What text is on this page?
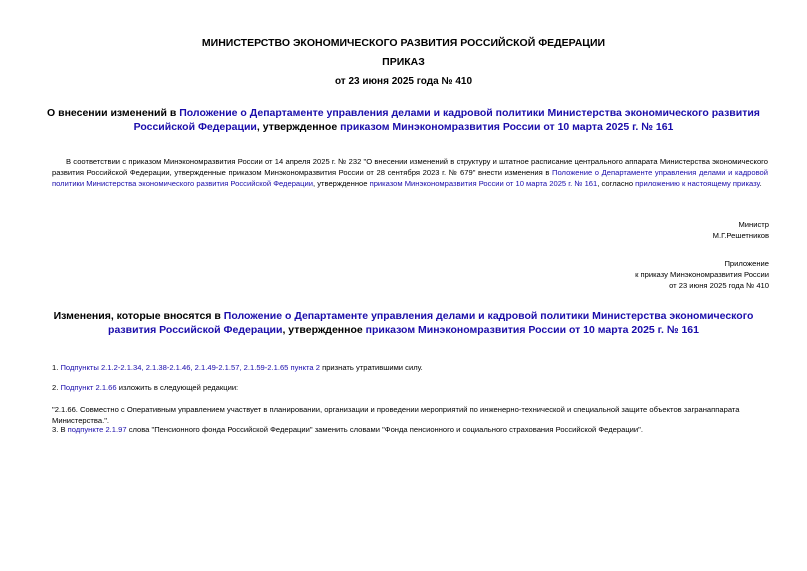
МИНИСТЕРСТВО ЭКОНОМИЧЕСКОГО РАЗВИТИЯ РОССИЙСКОЙ ФЕДЕРАЦИИ
ПРИКАЗ
от 23 июня 2025 года № 410
О внесении изменений в Положение о Департаменте управления делами и кадровой политики Министерства экономического развития Российской Федерации, утвержденное приказом Минэкономразвития России от 10 марта 2025 г. № 161
В соответствии с приказом Минэкономразвития России от 14 апреля 2025 г. № 232 "О внесении изменений в структуру и штатное расписание центрального аппарата Министерства экономического развития Российской Федерации, утвержденные приказом Минэкономразвития России от 28 сентября 2023 г. № 679" внести изменения в Положение о Департаменте управления делами и кадровой политики Министерства экономического развития Российской Федерации, утвержденное приказом Минэкономразвития России от 10 марта 2025 г. № 161, согласно приложению к настоящему приказу.
Министр
М.Г.Решетников
Приложение
к приказу Минэкономразвития России
от 23 июня 2025 года № 410
Изменения, которые вносятся в Положение о Департаменте управления делами и кадровой политики Министерства экономического развития Российской Федерации, утвержденное приказом Минэкономразвития России от 10 марта 2025 г. № 161
1. Подпункты 2.1.2-2.1.34, 2.1.38-2.1.46, 2.1.49-2.1.57, 2.1.59-2.1.65 пункта 2 признать утратившими силу.
2. Подпункт 2.1.66 изложить в следующей редакции:
"2.1.66. Совместно с Оперативным управлением участвует в планировании, организации и проведении мероприятий по инженерно-технической и специальной защите объектов загранаппарата Министерства.".
3. В подпункте 2.1.97 слова "Пенсионного фонда Российской Федерации" заменить словами "Фонда пенсионного и социального страхования Российской Федерации".
